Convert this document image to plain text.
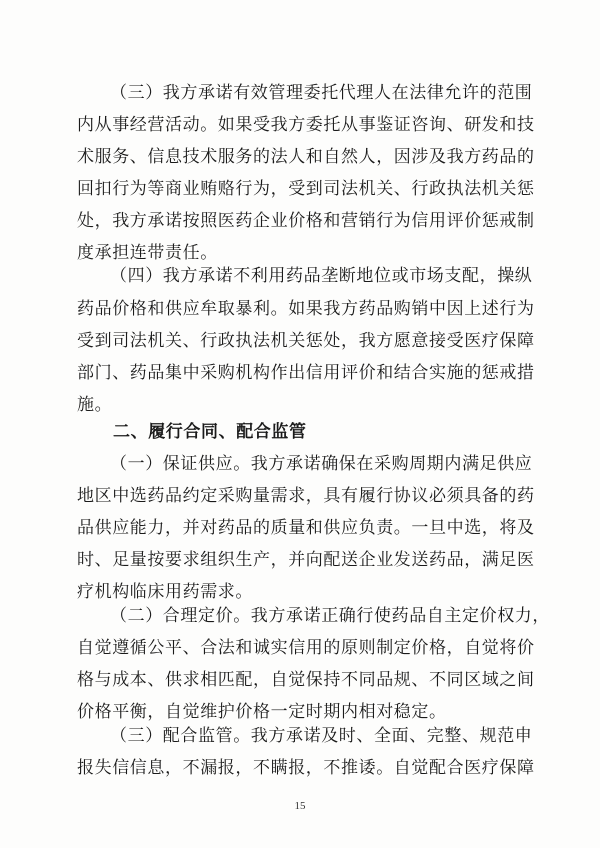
（三）我方承诺有效管理委托代理人在法律允许的范围
内从事经营活动。如果受我方委托从事鉴证咨询、研发和技
术服务、信息技术服务的法人和自然人，因涉及我方药品的
回扣行为等商业贿赂行为，受到司法机关、行政执法机关惩
处，我方承诺按照医药企业价格和营销行为信用评价惩戒制
度承担连带责任。
（四）我方承诺不利用药品垄断地位或市场支配，操纵
药品价格和供应牟取暴利。如果我方药品购销中因上述行为
受到司法机关、行政执法机关惩处，我方愿意接受医疗保障
部门、药品集中采购机构作出信用评价和结合实施的惩戒措
施。
二、履行合同、配合监管
（一）保证供应。我方承诺确保在采购周期内满足供应
地区中选药品约定采购量需求，具有履行协议必须具备的药
品供应能力，并对药品的质量和供应负责。一旦中选，将及
时、足量按要求组织生产，并向配送企业发送药品，满足医
疗机构临床用药需求。
（二）合理定价。我方承诺正确行使药品自主定价权力，
自觉遵循公平、合法和诚实信用的原则制定价格，自觉将价
格与成本、供求相匹配，自觉保持不同品规、不同区域之间
价格平衡，自觉维护价格一定时期内相对稳定。
（三）配合监管。我方承诺及时、全面、完整、规范申
报失信信息，不漏报，不瞒报，不推诿。自觉配合医疗保障
15
